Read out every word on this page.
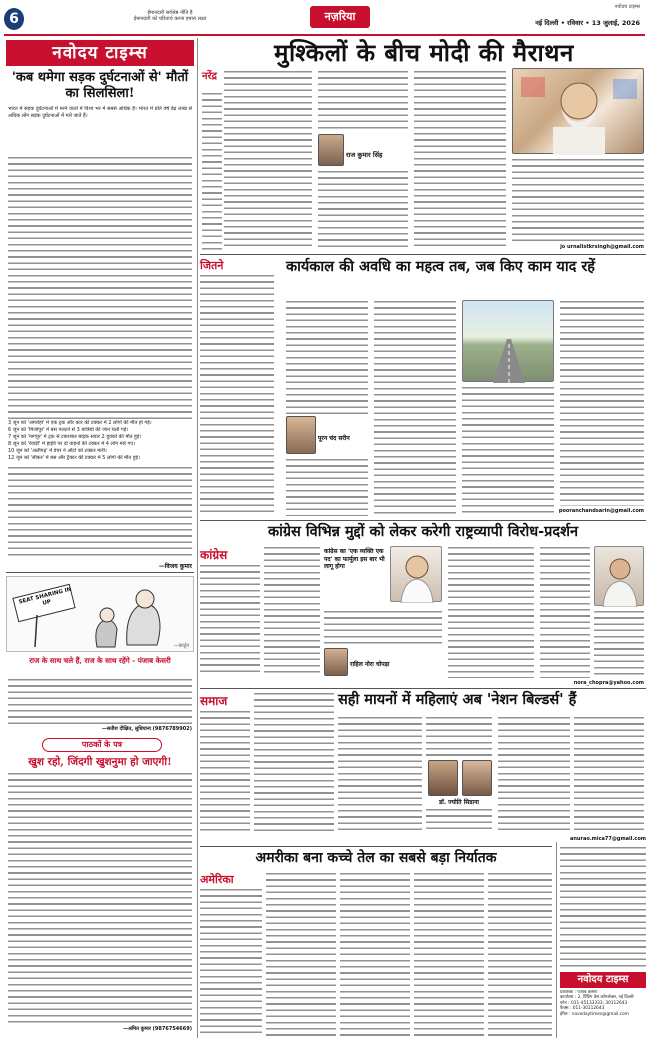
6	ईमानदारी सर्वश्रेष्ठ नीति है
ईमानदारी को चरितार्थ करना हमारा लक्ष्य	नज़रिया
नवोदय टाइम्स
नई दिल्ली • रविवार • 13 जुलाई, 2026
नवोदय टाइम्स
'कब थमेगा सड़क दुर्घटनाओं से' मौतों का सिलसिला!
भारत में सड़क दुर्घटनाओं में मरने वालों में विश्व भर में सबसे अधिक हैं। भारत में प्रति वर्ष डेढ़ लाख से अधिक लोग सड़क दुर्घटनाओं में मारे जाते हैं।
3 जून को 'अमरोहा' में एक ट्रक और कार की टक्कर में 2 लोगों की मौत हो गई।
6 जून को 'मिर्जापुर' में बस पलटने से 3 यात्रियों की जान चली गई।
7 जून को 'नागपुर' में ट्रक से टकराकर बाइक सवार 2 युवकों की मौत हुई।
8 जून को 'रेवाड़ी' में हाईवे पर दो वाहनों की टक्कर में 4 लोग मारे गए।
10 जून को 'अलीगढ़' में डंपर ने ऑटो को टक्कर मारी।
12 जून को 'सीकर' में बस और ट्रैक्टर की टक्कर में 5 लोगों की मौत हुई।
—विजय कुमार
SEAT SHARING IN UP
—कार्टून
राज के साथ चले हैं, राज के साथ रहेंगे - पंजाब केसरी
—सतीश दीक्षित, लुधियाना (9876789902)
पाठकों के पत्र
खुश रहो, जिंदगी खुशनुमा हो जाएगी!
—अमित कुमार (9876754669)
मुश्किलों के बीच मोदी की मैराथन
नरेंद्र
राज कुमार सिंह
jo urnalistkrsingh@gmail.com
जितने	कार्यकाल की अवधि का महत्व तब, जब किए काम याद रहें
पूरन चंद सरीन
pooranchandsarin@gmail.com
कांग्रेस विभिन्न मुद्दों को लेकर करेगी राष्ट्रव्यापी विरोध-प्रदर्शन
कांग्रेस	कांग्रेस का 'एक व्यक्ति एक पद' का फार्मूला इस बार भी लागू होगा
राहिल नोरा चोपड़ा
nora_chopra@yahoo.com
समाज	सही मायनों में महिलाएं अब 'नेशन बिल्डर्स' हैं
डॉ. ज्योति सिडाना
अमरीका बना कच्चे तेल का सबसे बड़ा निर्यातक
अमेरिका
anurao.mica77@gmail.com
नवोदय टाइम्स
प्रकाशक : पंजाब केसरी
कार्यालय : 2, प्रिंटिंग प्रेस कॉम्प्लेक्स, नई दिल्ली
फोन : 011-45133333, 30112643
फैक्स : 011-30112643
ईमेल : navodaytimes@gmail.com
